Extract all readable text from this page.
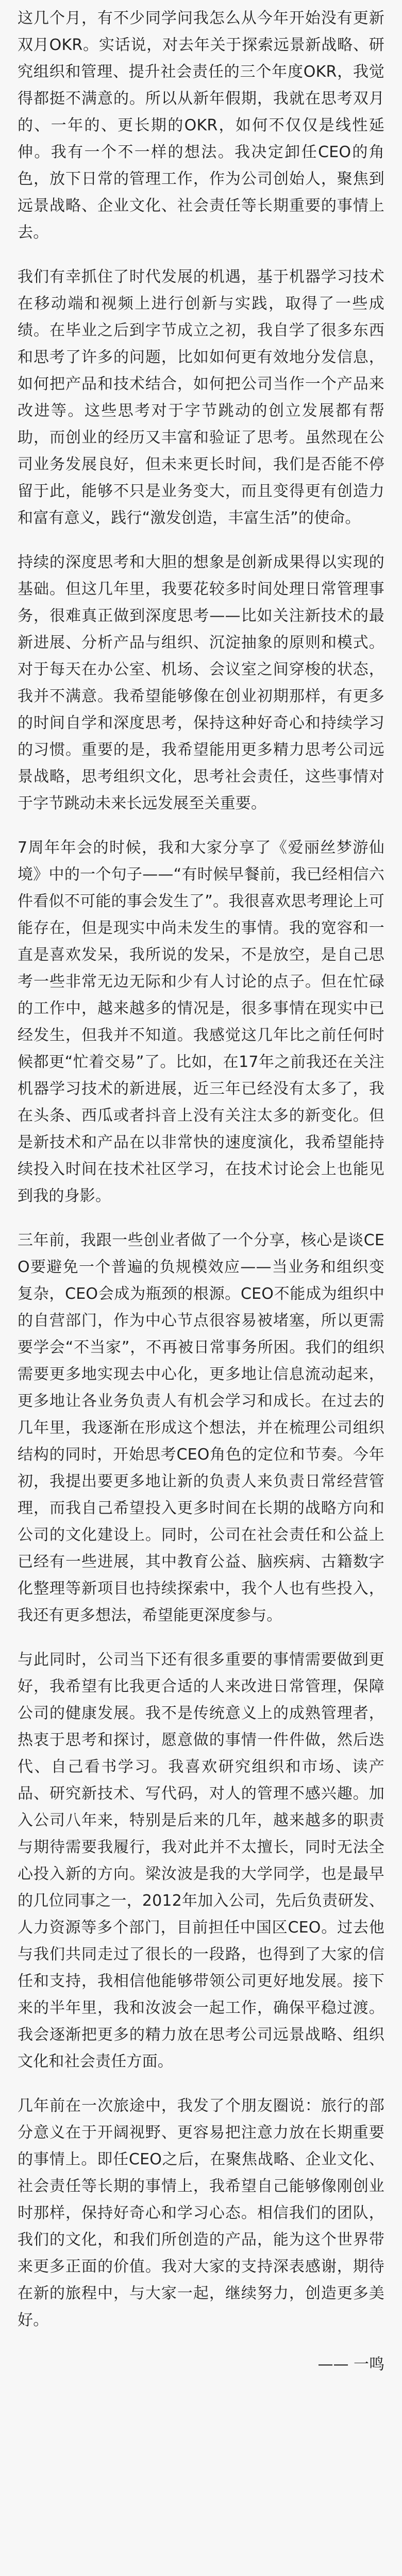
这几个月，有不少同学问我怎么从今年开始没有更新双月OKR。实话说，对去年关于探索远景新战略、研究组织和管理、提升社会责任的三个年度OKR，我觉得都挺不满意的。所以从新年假期，我就在思考双月的、一年的、更长期的OKR，如何不仅仅是线性延伸。我有一个不一样的想法。我决定卸任CEO的角色，放下日常的管理工作，作为公司创始人，聚焦到远景战略、企业文化、社会责任等长期重要的事情上去。

我们有幸抓住了时代发展的机遇，基于机器学习技术在移动端和视频上进行创新与实践，取得了一些成绩。在毕业之后到字节成立之初，我自学了很多东西和思考了许多的问题，比如如何更有效地分发信息，如何把产品和技术结合，如何把公司当作一个产品来改进等。这些思考对于字节跳动的创立发展都有帮助，而创业的经历又丰富和验证了思考。虽然现在公司业务发展良好，但未来更长时间，我们是否能不停留于此，能够不只是业务变大，而且变得更有创造力和富有意义，践行“激发创造，丰富生活”的使命。

持续的深度思考和大胆的想象是创新成果得以实现的基础。但这几年里，我要花较多时间处理日常管理事务，很难真正做到深度思考——比如关注新技术的最新进展、分析产品与组织、沉淀抽象的原则和模式。对于每天在办公室、机场、会议室之间穿梭的状态，我并不满意。我希望能够像在创业初期那样，有更多的时间自学和深度思考，保持这种好奇心和持续学习的习惯。重要的是，我希望能用更多精力思考公司远景战略，思考组织文化，思考社会责任，这些事情对于字节跳动未来长远发展至关重要。

7周年年会的时候，我和大家分享了《爱丽丝梦游仙境》中的一个句子——“有时候早餐前，我已经相信六件看似不可能的事会发生了”。我很喜欢思考理论上可能存在，但是现实中尚未发生的事情。我的宽容和一直是喜欢发呆，我所说的发呆，不是放空，是自己思考一些非常无边无际和少有人讨论的点子。但在忙碌的工作中，越来越多的情况是，很多事情在现实中已经发生，但我并不知道。我感觉这几年比之前任何时候都更“忙着交易”了。比如，在17年之前我还在关注机器学习技术的新进展，近三年已经没有太多了，我在头条、西瓜或者抖音上没有关注太多的新变化。但是新技术和产品在以非常快的速度演化，我希望能持续投入时间在技术社区学习，在技术讨论会上也能见到我的身影。

三年前，我跟一些创业者做了一个分享，核心是谈CEO要避免一个普遍的负规模效应——当业务和组织变复杂，CEO会成为瓶颈的根源。CEO不能成为组织中的自营部门，作为中心节点很容易被堵塞，所以更需要学会“不当家”，不再被日常事务所困。我们的组织需要更多地实现去中心化，更多地让信息流动起来，更多地让各业务负责人有机会学习和成长。在过去的几年里，我逐渐在形成这个想法，并在梳理公司组织结构的同时，开始思考CEO角色的定位和节奏。今年初，我提出要更多地让新的负责人来负责日常经营管理，而我自己希望投入更多时间在长期的战略方向和公司的文化建设上。同时，公司在社会责任和公益上已经有一些进展，其中教育公益、脑疾病、古籍数字化整理等新项目也持续探索中，我个人也有些投入，我还有更多想法，希望能更深度参与。

与此同时，公司当下还有很多重要的事情需要做到更好，我希望有比我更合适的人来改进日常管理，保障公司的健康发展。我不是传统意义上的成熟管理者，热衷于思考和探讨，愿意做的事情一件件做，然后迭代、自己看书学习。我喜欢研究组织和市场、读产品、研究新技术、写代码，对人的管理不感兴趣。加入公司八年来，特别是后来的几年，越来越多的职责与期待需要我履行，我对此并不太擅长，同时无法全心投入新的方向。梁汝波是我的大学同学，也是最早的几位同事之一，2012年加入公司，先后负责研发、人力资源等多个部门，目前担任中国区CEO。过去他与我们共同走过了很长的一段路，也得到了大家的信任和支持，我相信他能够带领公司更好地发展。接下来的半年里，我和汝波会一起工作，确保平稳过渡。我会逐渐把更多的精力放在思考公司远景战略、组织文化和社会责任方面。

几年前在一次旅途中，我发了个朋友圈说：旅行的部分意义在于开阔视野、更容易把注意力放在长期重要的事情上。即任CEO之后，在聚焦战略、企业文化、社会责任等长期的事情上，我希望自己能够像刚创业时那样，保持好奇心和学习心态。相信我们的团队，我们的文化，和我们所创造的产品，能为这个世界带来更多正面的价值。我对大家的支持深表感谢，期待在新的旅程中，与大家一起，继续努力，创造更多美好。

—— 一鸣
